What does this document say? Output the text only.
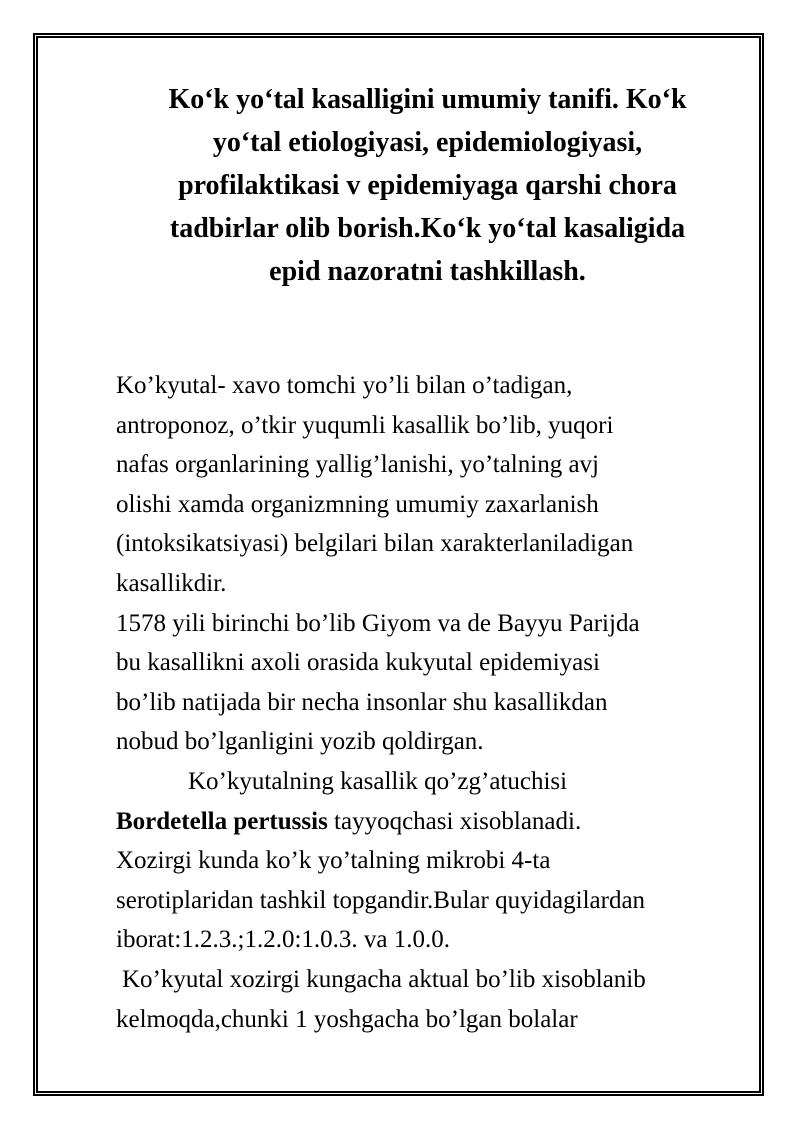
Ko‘k yo‘tal kasalligini umumiy tanifi. Ko‘k
yo‘tal etiologiyasi, epidemiologiyasi,
profilaktikasi v epidemiyaga qarshi chora
tadbirlar olib borish.Ko‘k yo‘tal kasaligida
epid nazoratni tashkillash.

Ko’kyutal- xavo tomchi yo’li bilan o’tadigan,

antroponoz, o’tkir yuqumli kasallik bo’lib, yuqori

nafas organlarining yallig’lanishi, yo’talning avj

olishi xamda organizmning umumiy zaxarlanish

(intoksikatsiyasi) belgilari bilan xarakterlaniladigan

kasallikdir.

1578 yili birinchi bo’lib Giyom va de Bayyu Parijda

bu kasallikni axoli orasida kukyutal epidemiyasi

bo’lib natijada bir necha insonlar shu kasallikdan

nobud bo’lganligini yozib qoldirgan.

Ko’kyutalning kasallik qo’zg’atuchisi

Bordetella pertussis tayyoqchasi xisoblanadi.

Xozirgi kunda ko’k yo’talning mikrobi 4-ta

serotiplaridan tashkil topgandir.Bular quyidagilardan

iborat:1.2.3.;1.2.0:1.0.3. va 1.0.0.

Ko’kyutal xozirgi kungacha aktual bo’lib xisoblanib

kelmoqda,chunki 1 yoshgacha bo’lgan bolalar
